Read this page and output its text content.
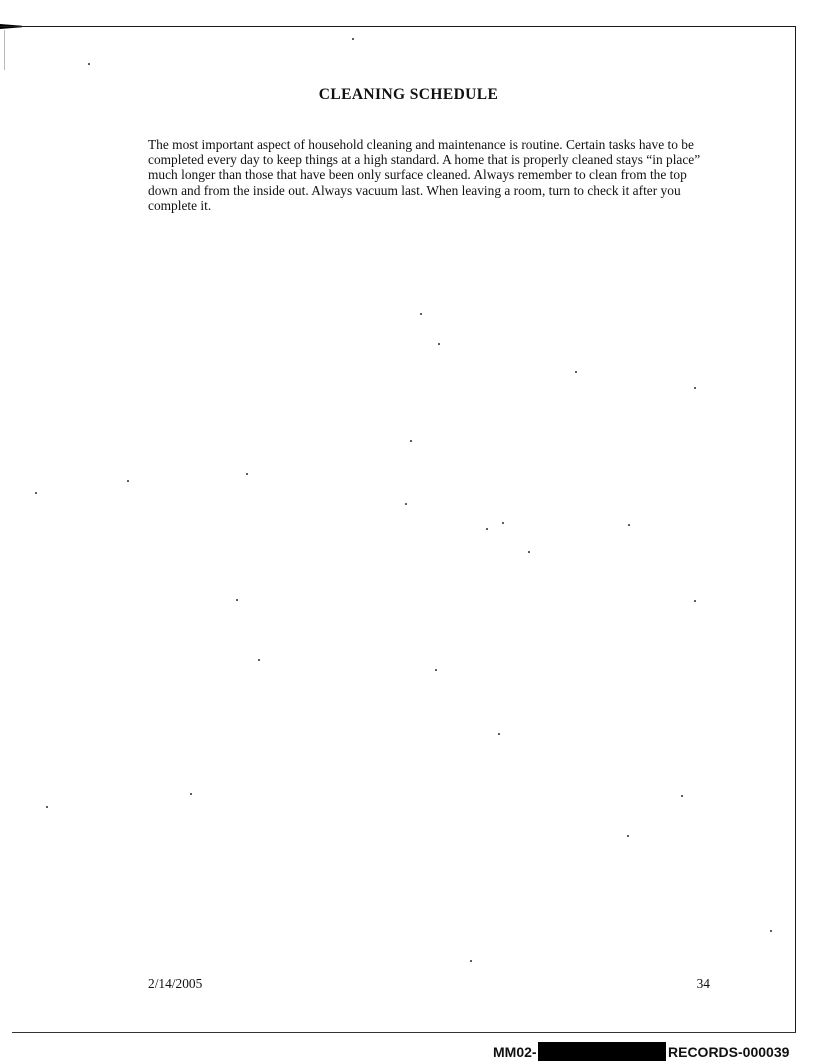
CLEANING SCHEDULE
The most important aspect of household cleaning and maintenance is routine. Certain tasks have to be completed every day to keep things at a high standard. A home that is properly cleaned stays “in place” much longer than those that have been only surface cleaned. Always remember to clean from the top down and from the inside out. Always vacuum last. When leaving a room, turn to check it after you complete it.
2/14/2005	34
MM02-	RECORDS-000039
